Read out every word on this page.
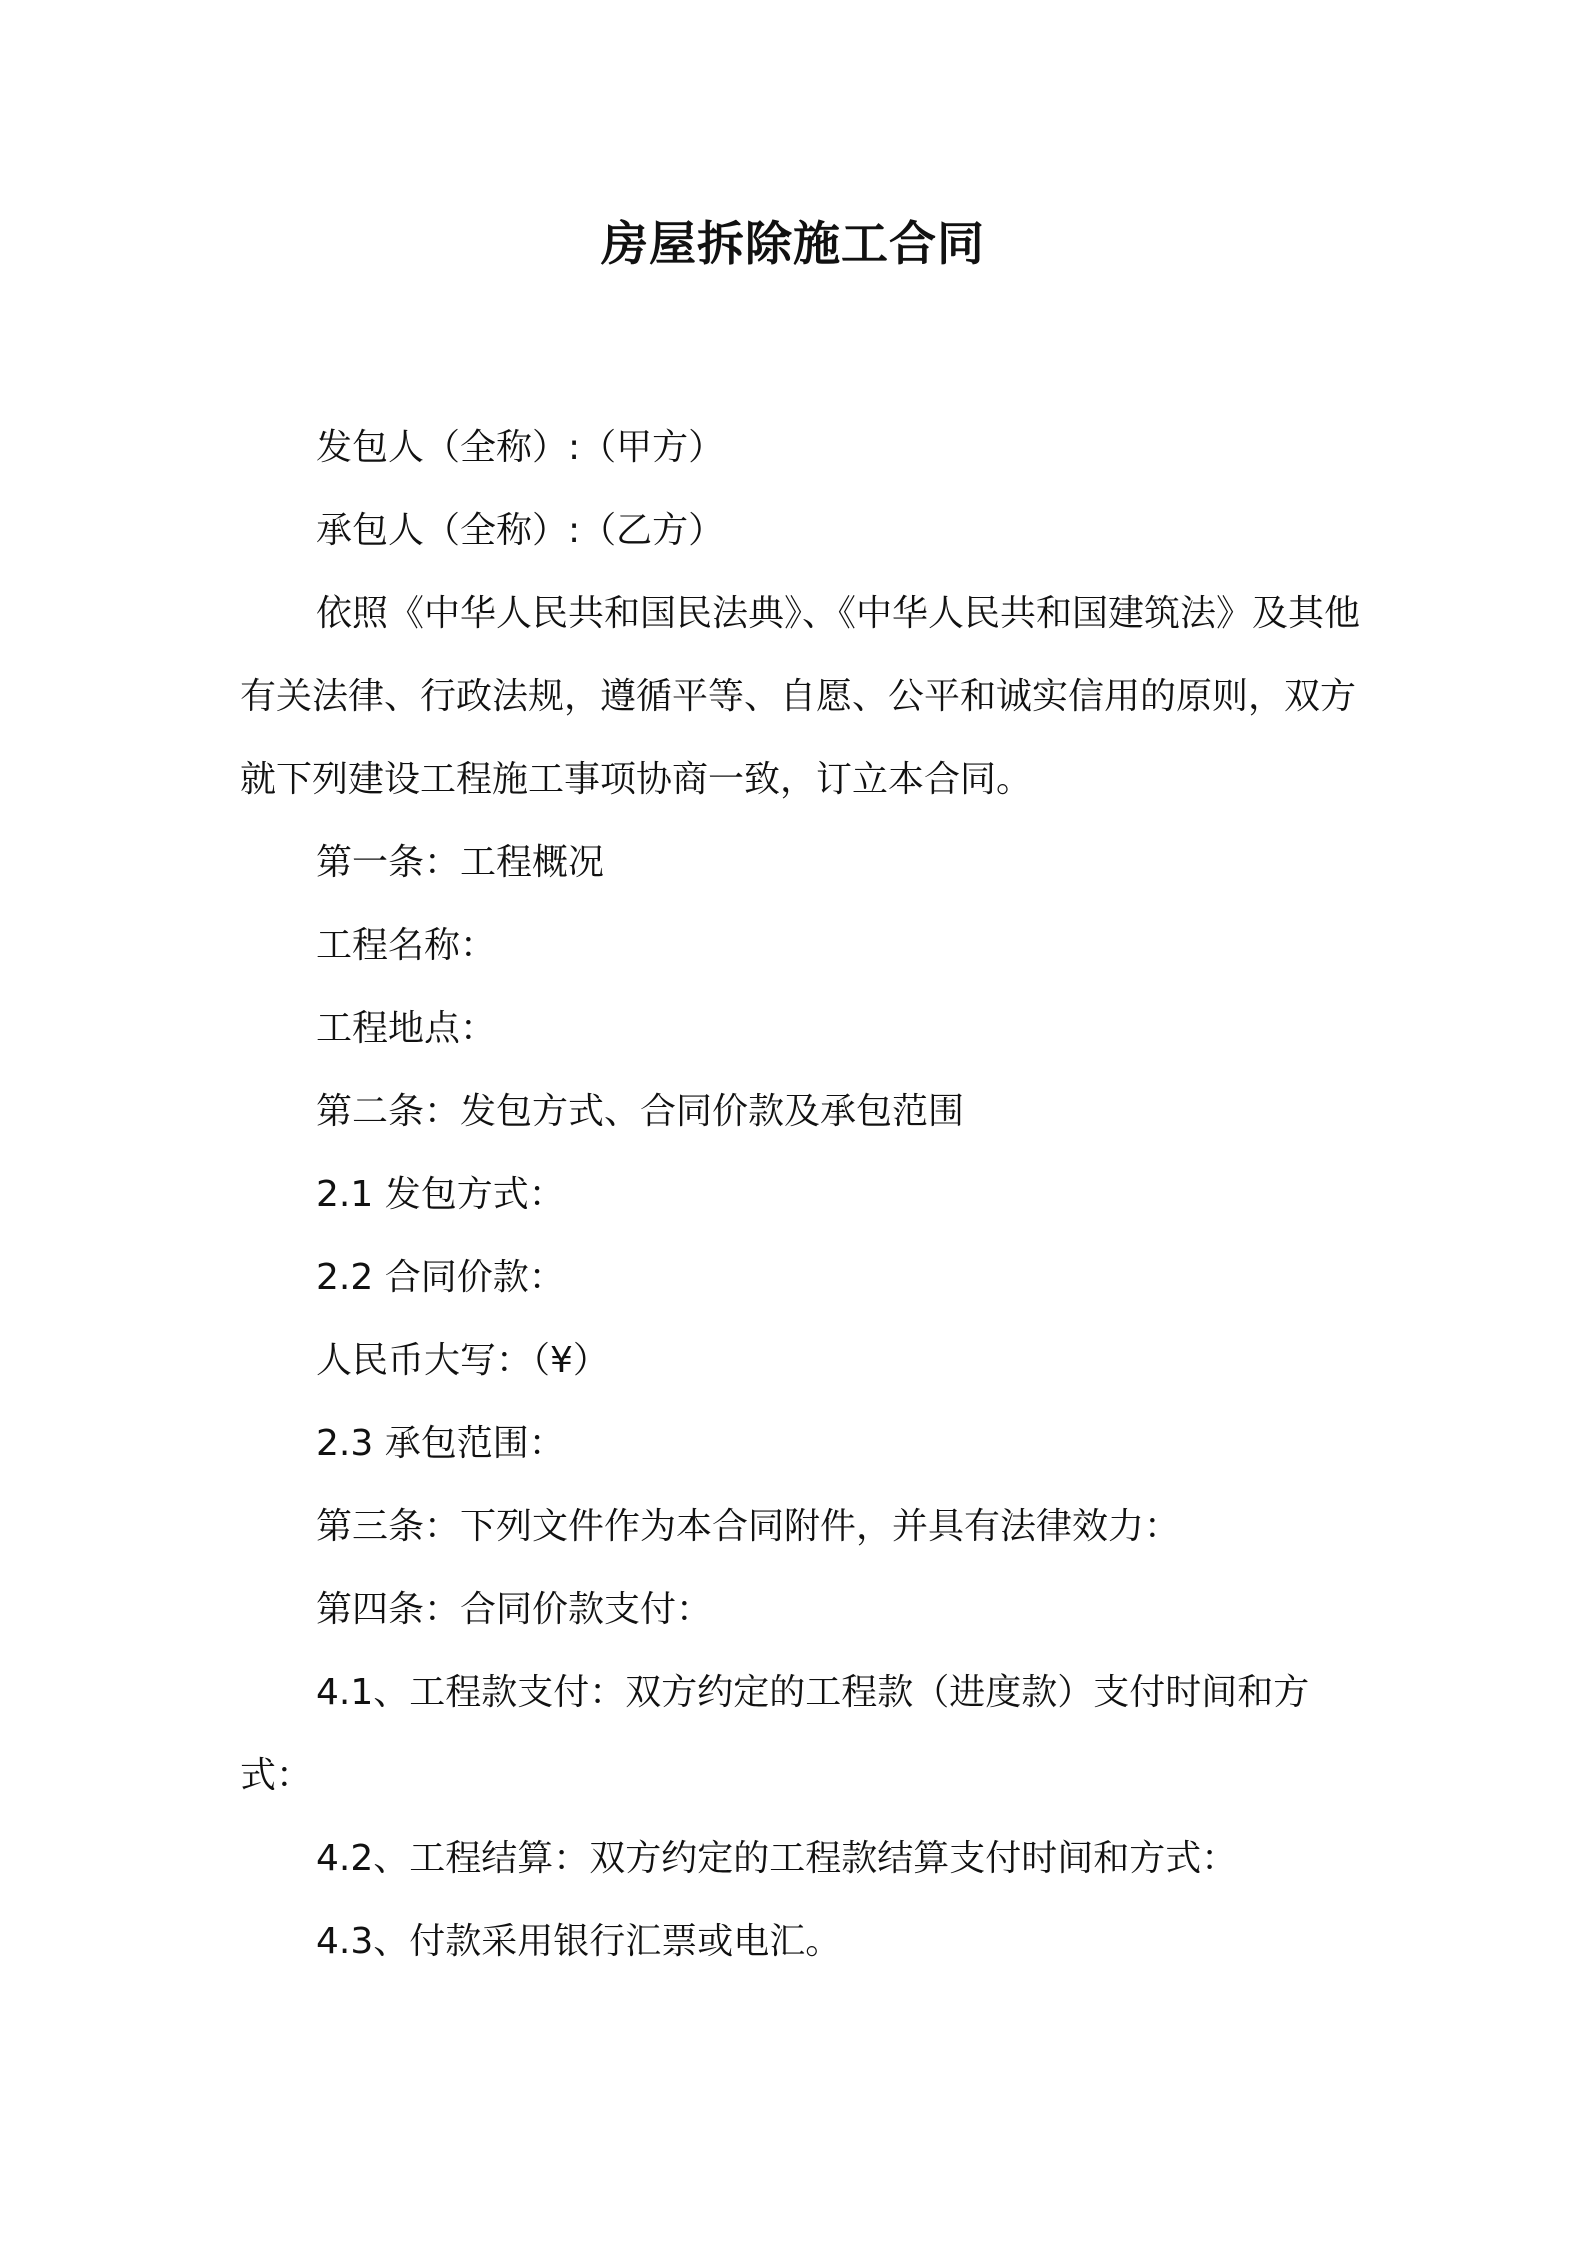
房屋拆除施工合同

发包人（全称）:（甲方）

承包人（全称）:（乙方）

依照《中华人民共和国民法典》、《中华人民共和国建筑法》及其他有关法律、行政法规，遵循平等、自愿、公平和诚实信用的原则，双方就下列建设工程施工事项协商一致，订立本合同。

第一条：工程概况

工程名称：

工程地点：

第二条：发包方式、合同价款及承包范围

2.1 发包方式：

2.2 合同价款：

人民币大写：（¥）

2.3 承包范围：

第三条：下列文件作为本合同附件，并具有法律效力：

第四条：合同价款支付：

4.1、工程款支付：双方约定的工程款（进度款）支付时间和方式：

4.2、工程结算：双方约定的工程款结算支付时间和方式：

4.3、付款采用银行汇票或电汇。
